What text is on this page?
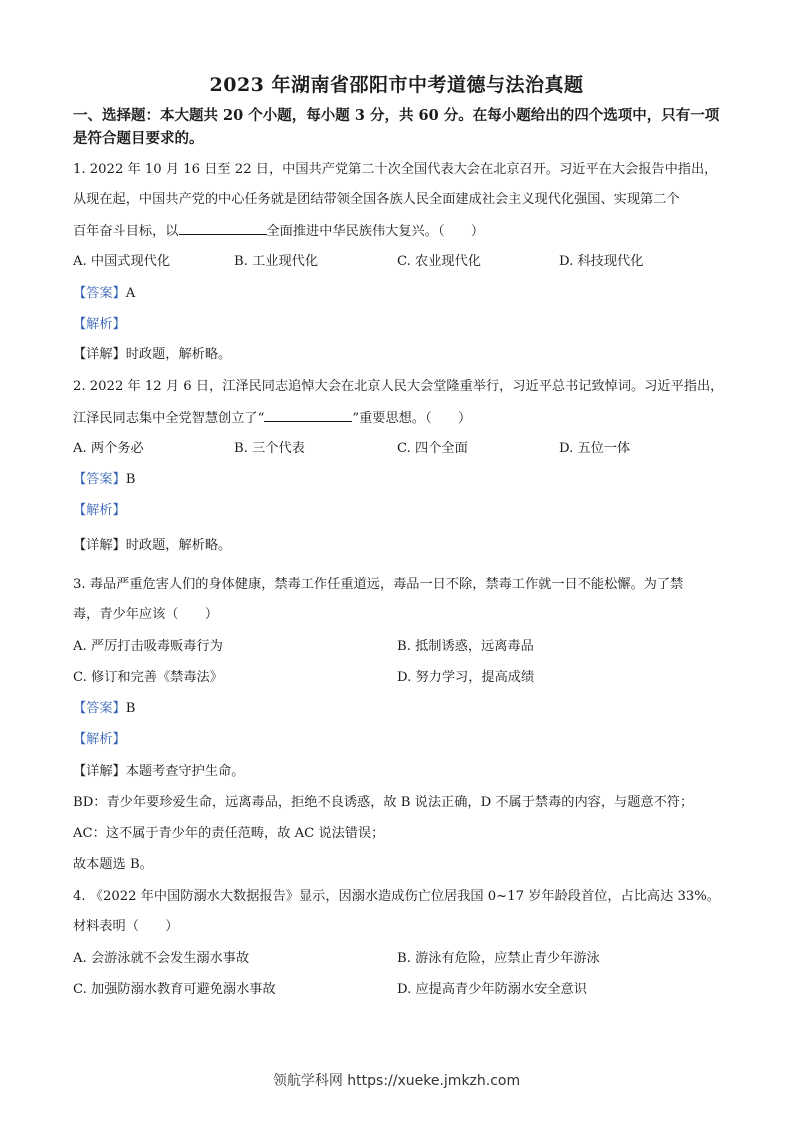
2023 年湖南省邵阳市中考道德与法治真题
一、选择题：本大题共 20 个小题，每小题 3 分，共 60 分。在每小题给出的四个选项中，只有一项是符合题目要求的。
1. 2022 年 10 月 16 日至 22 日，中国共产党第二十次全国代表大会在北京召开。习近平在大会报告中指出，
从现在起，中国共产党的中心任务就是团结带领全国各族人民全面建成社会主义现代化强国、实现第二个
百年奋斗目标，以	全面推进中华民族伟大复兴。（　　）
A. 中国式现代化	B. 工业现代化	C. 农业现代化	D. 科技现代化
【答案】A
【解析】
【详解】时政题，解析略。
2. 2022 年 12 月 6 日，江泽民同志追悼大会在北京人民大会堂隆重举行，习近平总书记致悼词。习近平指出，
江泽民同志集中全党智慧创立了“	”重要思想。（　　）
A. 两个务必	B. 三个代表	C. 四个全面	D. 五位一体
【答案】B
【解析】
【详解】时政题，解析略。
3. 毒品严重危害人们的身体健康，禁毒工作任重道远，毒品一日不除，禁毒工作就一日不能松懈。为了禁
毒，青少年应该（　　）
A. 严厉打击吸毒贩毒行为	B. 抵制诱惑，远离毒品
C. 修订和完善《禁毒法》	D. 努力学习，提高成绩
【答案】B
【解析】
【详解】本题考查守护生命。
BD：青少年要珍爱生命，远离毒品，拒绝不良诱惑，故 B 说法正确，D 不属于禁毒的内容，与题意不符；
AC：这不属于青少年的责任范畴，故 AC 说法错误；
故本题选 B。
4. 《2022 年中国防溺水大数据报告》显示，因溺水造成伤亡位居我国 0~17 岁年龄段首位，占比高达 33%。
材料表明（　　）
A. 会游泳就不会发生溺水事故	B. 游泳有危险，应禁止青少年游泳
C. 加强防溺水教育可避免溺水事故	D. 应提高青少年防溺水安全意识
领航学科网 https://xueke.jmkzh.com
